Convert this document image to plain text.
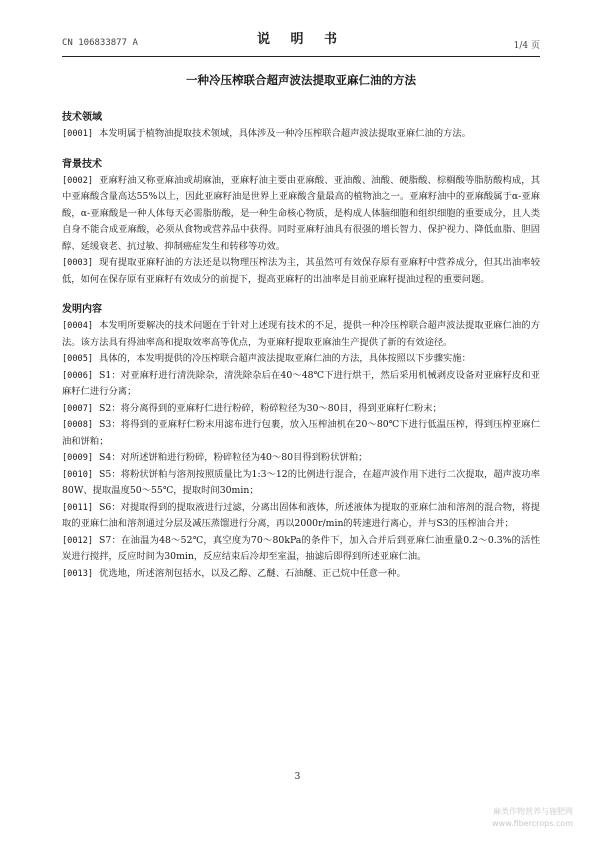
CN 106833877 A	说 明 书	1/4 页
一种冷压榨联合超声波法提取亚麻仁油的方法
技术领域

[0001] 本发明属于植物油提取技术领域，具体涉及一种冷压榨联合超声波法提取亚麻仁油的方法。

背景技术

[0002] 亚麻籽油又称亚麻油或胡麻油，亚麻籽油主要由亚麻酸、亚油酸、油酸、硬脂酸、棕榈酸等脂肪酸构成，其中亚麻酸含量高达55%以上，因此亚麻籽油是世界上亚麻酸含量最高的植物油之一。亚麻籽油中的亚麻酸属于α-亚麻酸，α-亚麻酸是一种人体每天必需脂肪酸，是一种生命核心物质，是构成人体脑细胞和组织细胞的重要成分，且人类自身不能合成亚麻酸，必须从食物或营养品中获得。同时亚麻籽油具有很强的增长智力、保护视力、降低血脂、胆固醇、延缓衰老、抗过敏、抑制癌症发生和转移等功效。

[0003] 现有提取亚麻籽油的方法还是以物理压榨法为主，其虽然可有效保存原有亚麻籽中营养成分，但其出油率较低，如何在保存原有亚麻籽有效成分的前提下，提高亚麻籽的出油率是目前亚麻籽提油过程的重要问题。

发明内容

[0004] 本发明所要解决的技术问题在于针对上述现有技术的不足，提供一种冷压榨联合超声波法提取亚麻仁油的方法。该方法具有得油率高和提取效率高等优点，为亚麻籽提取亚麻油生产提供了新的有效途径。

[0005] 具体的，本发明提供的冷压榨联合超声波法提取亚麻仁油的方法，具体按照以下步骤实施：

[0006] S1：对亚麻籽进行清洗除杂，清洗除杂后在40～48℃下进行烘干，然后采用机械剥皮设备对亚麻籽皮和亚麻籽仁进行分离；

[0007] S2：将分离得到的亚麻籽仁进行粉碎，粉碎粒径为30～80目，得到亚麻籽仁粉末；

[0008] S3：将得到的亚麻籽仁粉末用滤布进行包裹，放入压榨油机在20～80℃下进行低温压榨，得到压榨亚麻仁油和饼粕；

[0009] S4：对所述饼粕进行粉碎，粉碎粒径为40～80目得到粉状饼粕；

[0010] S5：将粉状饼粕与溶剂按照质量比为1:3～12的比例进行混合，在超声波作用下进行二次提取，超声波功率80W、提取温度50～55℃，提取时间30min；

[0011] S6：对提取得到的提取液进行过滤，分离出固体和液体，所述液体为提取的亚麻仁油和溶剂的混合物，将提取的亚麻仁油和溶剂通过分层及减压蒸馏进行分离，再以2000r/min的转速进行离心，并与S3的压榨油合并；

[0012] S7：在油温为48～52℃，真空度为70～80kPa的条件下，加入合并后到亚麻仁油重量0.2～0.3%的活性炭进行搅拌，反应时间为30min，反应结束后冷却至室温，抽滤后即得到所述亚麻仁油。

[0013] 优选地，所述溶剂包括水，以及乙醇、乙醚、石油醚、正己烷中任意一种。

3
麻类作物营养与施肥网
www.fibercrops.com
